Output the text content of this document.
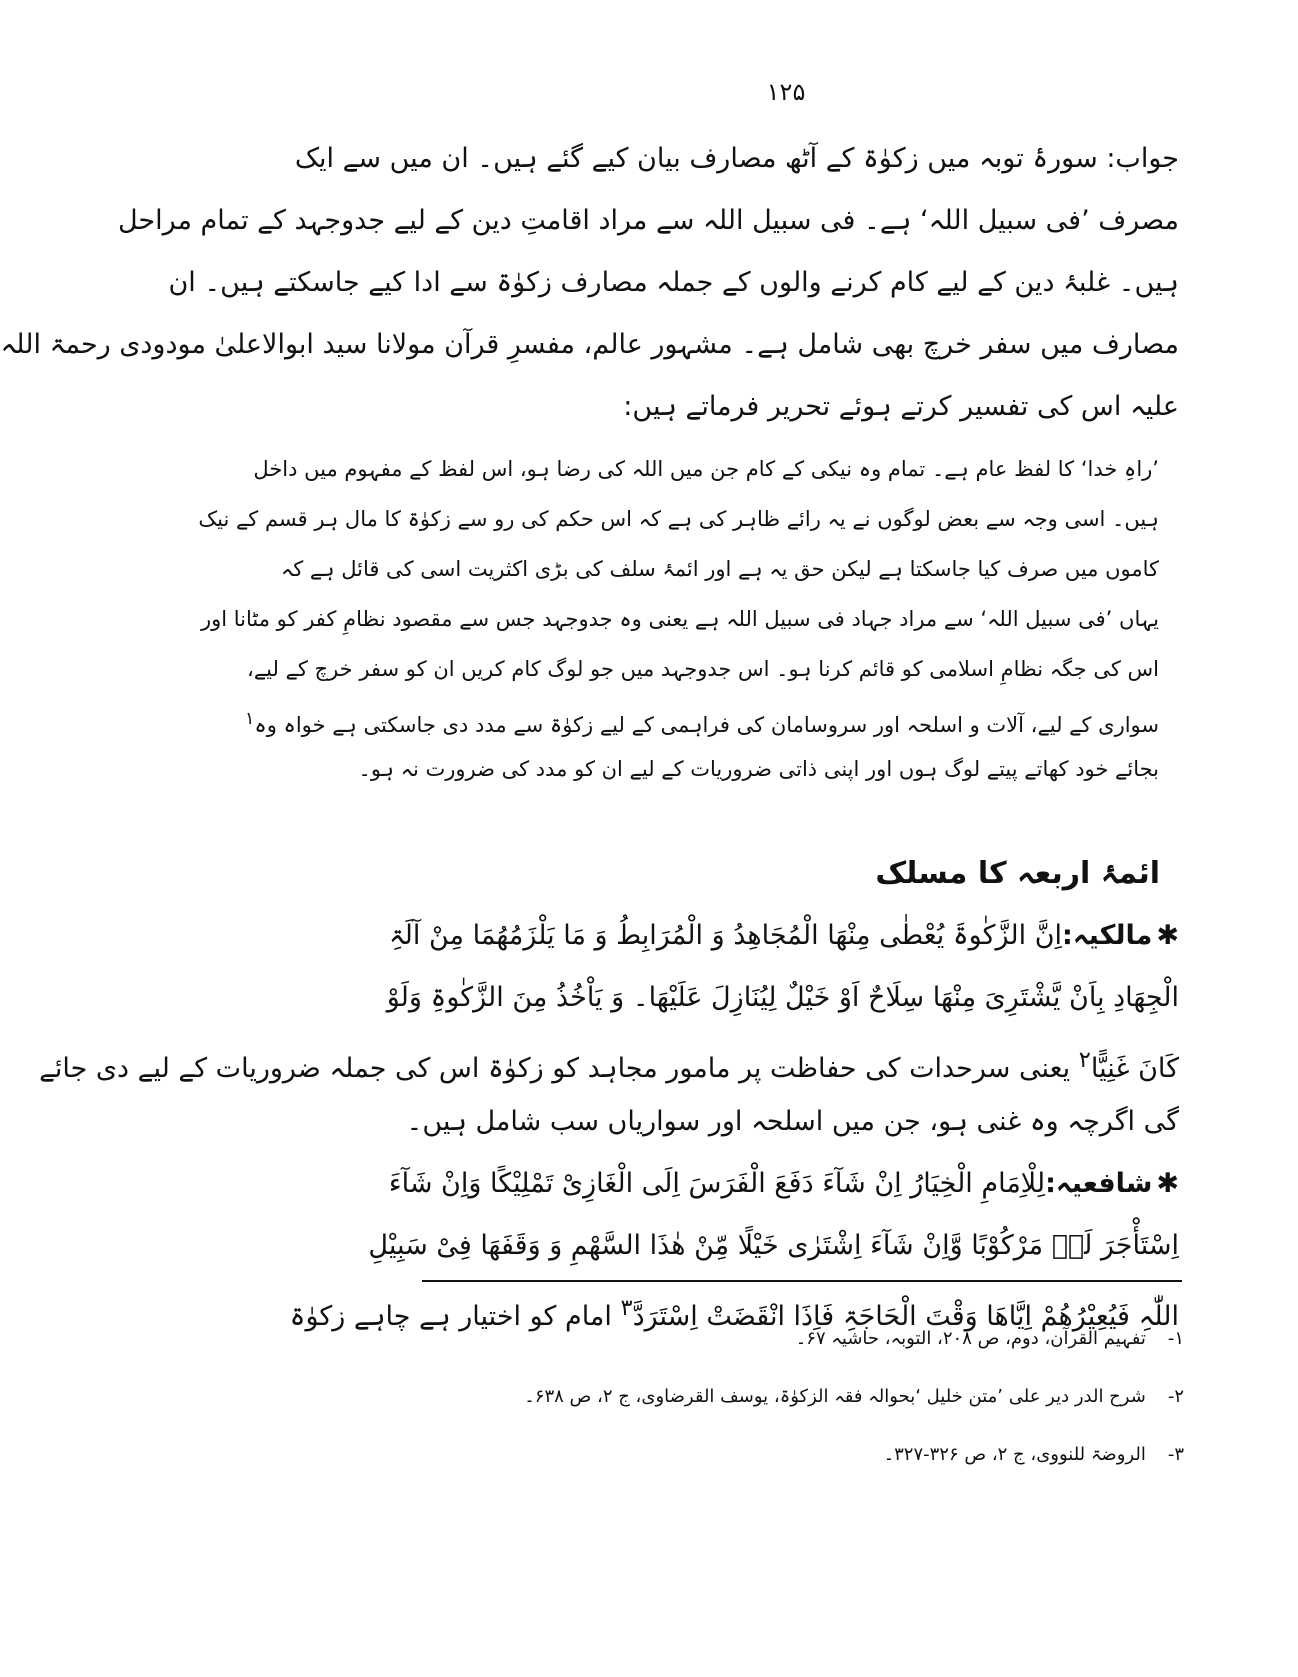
۱۲۵
جواب: سورۂ توبہ میں زکوٰۃ کے آٹھ مصارف بیان کیے گئے ہیں۔ ان میں سے ایک
مصرف ’فی سبیل اللہ‘ ہے۔ فی سبیل اللہ سے مراد اقامتِ دین کے لیے جدوجہد کے تمام مراحل
ہیں۔ غلبۂ دین کے لیے کام کرنے والوں کے جملہ مصارف زکوٰۃ سے ادا کیے جاسکتے ہیں۔ ان
مصارف میں سفر خرچ بھی شامل ہے۔ مشہور عالم، مفسرِ قرآن مولانا سید ابوالاعلیٰ مودودی رحمۃ اللہ
علیہ اس کی تفسیر کرتے ہوئے تحریر فرماتے ہیں:
’راہِ خدا‘ کا لفظ عام ہے۔ تمام وہ نیکی کے کام جن میں اللہ کی رضا ہو، اس لفظ کے مفہوم میں داخل
ہیں۔ اسی وجہ سے بعض لوگوں نے یہ رائے ظاہر کی ہے کہ اس حکم کی رو سے زکوٰۃ کا مال ہر قسم کے نیک
کاموں میں صرف کیا جاسکتا ہے لیکن حق یہ ہے اور ائمۂ سلف کی بڑی اکثریت اسی کی قائل ہے کہ
یہاں ’فی سبیل اللہ‘ سے مراد جہاد فی سبیل اللہ ہے یعنی وہ جدوجہد جس سے مقصود نظامِ کفر کو مٹانا اور
اس کی جگہ نظامِ اسلامی کو قائم کرنا ہو۔ اس جدوجہد میں جو لوگ کام کریں ان کو سفر خرچ کے لیے،
سواری کے لیے، آلات و اسلحہ اور سروسامان کی فراہمی کے لیے زکوٰۃ سے مدد دی جاسکتی ہے خواہ وہ$^۱$
بجائے خود کھاتے پیتے لوگ ہوں اور اپنی ذاتی ضروریات کے لیے ان کو مدد کی ضرورت نہ ہو۔
ائمۂ اربعہ کا مسلک
✱مالکیہ:اِنَّ الزَّکٰوۃَ یُعْطٰی مِنْھَا الْمُجَاھِدُ وَ الْمُرَابِطُ وَ مَا یَلْزَمُھُمَا مِنْ آلَۃِ
الْجِھَادِ بِاَنْ یَّشْتَرِیَ مِنْھَا سِلَاحٌ اَوْ خَیْلٌ لِیُنَازِلَ عَلَیْھَا۔ وَ یَاْخُذُ مِنَ الزَّکٰوۃِ وَلَوْ
کَانَ غَنِیًّا$^۲$ یعنی سرحدات کی حفاظت پر مامور مجاہد کو زکوٰۃ اس کی جملہ ضروریات کے لیے دی جائے
گی اگرچہ وہ غنی ہو، جن میں اسلحہ اور سواریاں سب شامل ہیں۔
✱شافعیہ:لِلْاِمَامِ الْخِیَارُ اِنْ شَآءَ دَفَعَ الْفَرَسَ اِلَی الْغَازِیْ تَمْلِیْکًا وَاِنْ شَآءَ
اِسْتَأْجَرَ لَہٗ مَرْکُوْبًا وَّاِنْ شَآءَ اِشْتَرٰی خَیْلًا مِّنْ ھٰذَا السَّھْمِ وَ وَقَفَھَا فِیْ سَبِیْلِ
اللّٰہِ فَیُعِیْرُھُمْ اِیَّاھَا وَقْتَ الْحَاجَۃِ فَاِذَا انْقَضَتْ اِسْتَرَدَّ$^۳$ امام کو اختیار ہے چاہے زکوٰۃ
۱-تفہیم القرآن، دوم، ص ۲۰۸، التوبہ، حاشیہ ۶۷۔
۲-شرح الدر دیر علی ’متن خلیل ‘بحوالہ فقہ الزکوٰۃ، یوسف القرضاوی، ج ۲، ص ۶۳۸۔
۳-الروضۃ للنووی، ج ۲، ص ۳۲۶-۳۲۷۔
